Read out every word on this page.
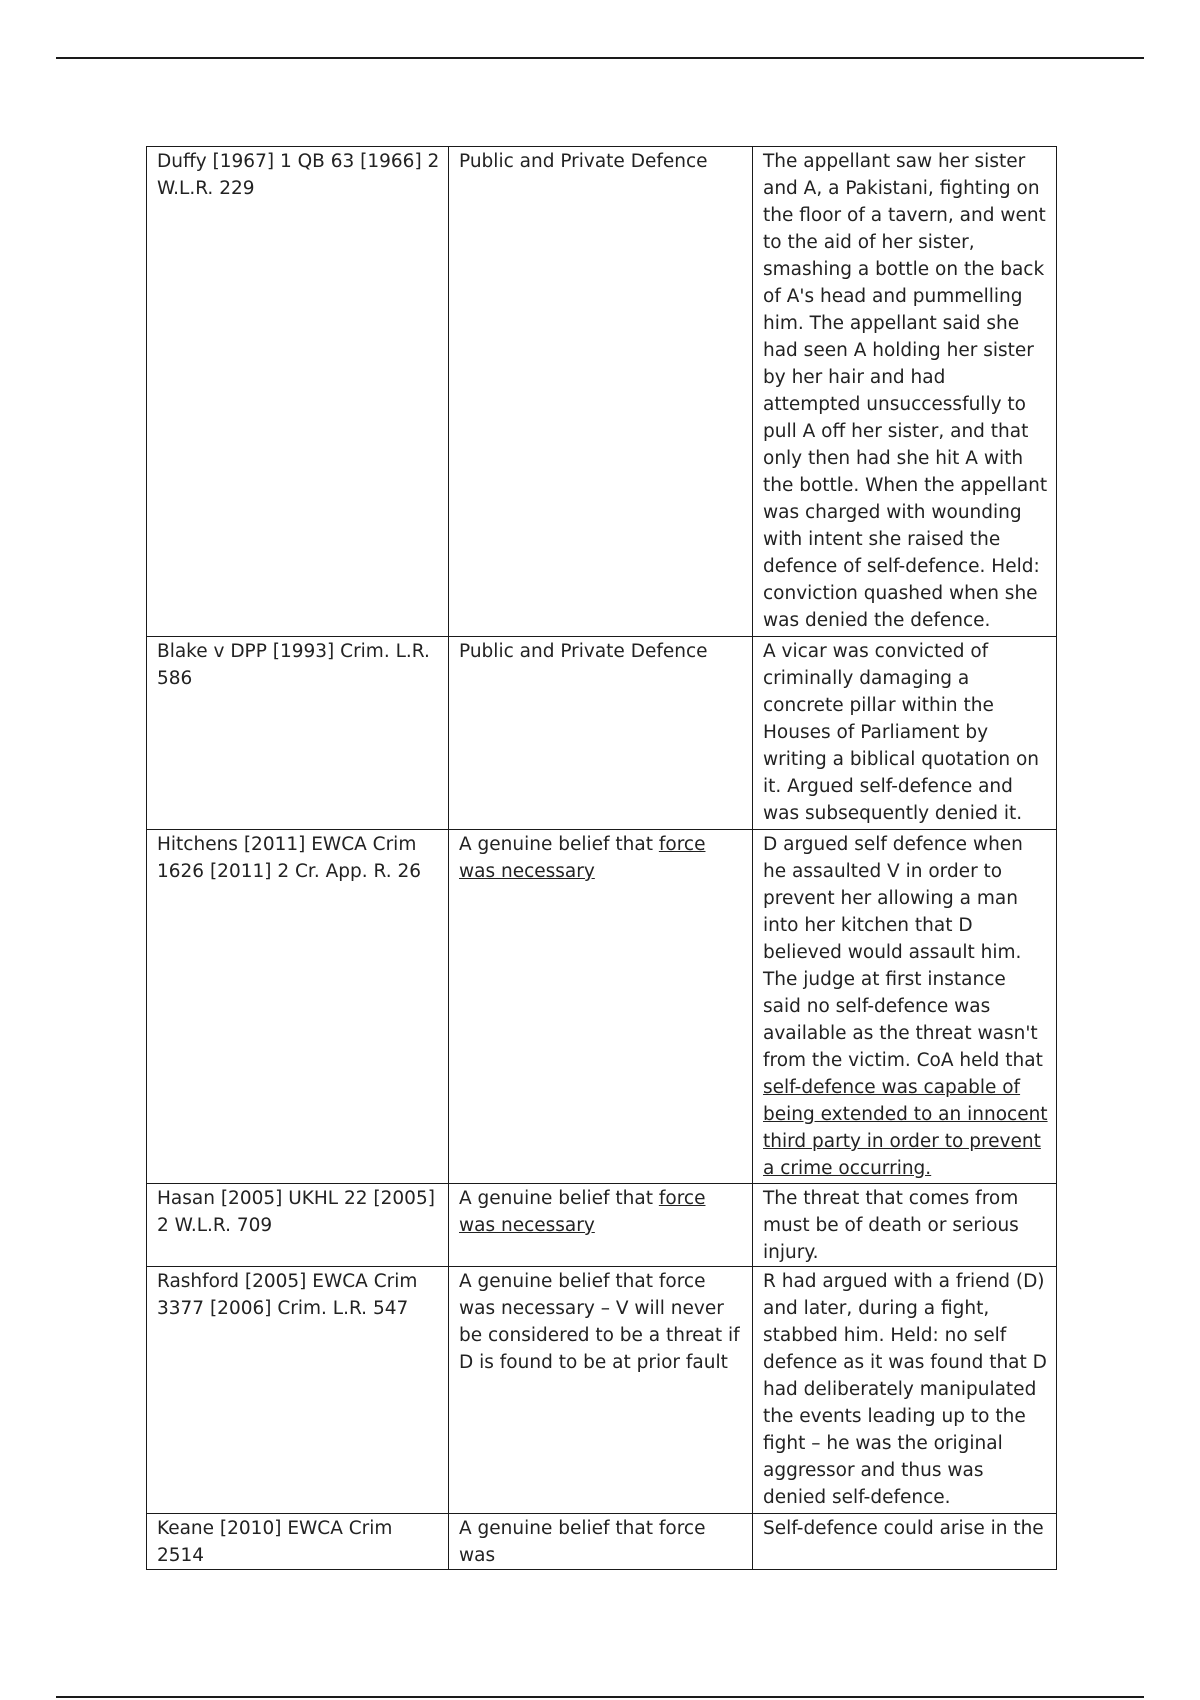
Duffy [1967] 1 QB 63 [1966] 2 W.L.R. 229	Public and Private Defence	The appellant saw her sister and A, a Pakistani, fighting on the floor of a tavern, and went to the aid of her sister, smashing a bottle on the back of A's head and pummelling him. The appellant said she had seen A holding her sister by her hair and had attempted unsuccessfully to pull A off her sister, and that only then had she hit A with the bottle. When the appellant was charged with wounding with intent she raised the defence of self-defence. Held: conviction quashed when she was denied the defence.
Blake v DPP [1993] Crim. L.R. 586	Public and Private Defence	A vicar was convicted of criminally damaging a concrete pillar within the Houses of Parliament by writing a biblical quotation on it. Argued self-defence and was subsequently denied it.
Hitchens [2011] EWCA Crim 1626 [2011] 2 Cr. App. R. 26	A genuine belief that force was necessary	D argued self defence when he assaulted V in order to prevent her allowing a man into her kitchen that D believed would assault him. The judge at first instance said no self-defence was available as the threat wasn't from the victim. CoA held that self-defence was capable of being extended to an innocent third party in order to prevent a crime occurring.
Hasan [2005] UKHL 22 [2005] 2 W.L.R. 709	A genuine belief that force was necessary	The threat that comes from must be of death or serious injury.
Rashford [2005] EWCA Crim 3377 [2006] Crim. L.R. 547	A genuine belief that force was necessary – V will never be considered to be a threat if D is found to be at prior fault	R had argued with a friend (D) and later, during a fight, stabbed him. Held: no self defence as it was found that D had deliberately manipulated the events leading up to the fight – he was the original aggressor and thus was denied self-defence.
Keane [2010] EWCA Crim 2514	A genuine belief that force was	Self-defence could arise in the
